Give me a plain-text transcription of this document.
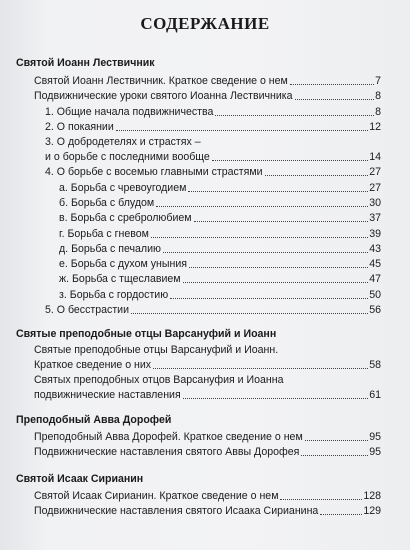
СОДЕРЖАНИЕ
Святой Иоанн Лествичник
Святой Иоанн Лествичник. Краткое сведение о нем	7
Подвижнические уроки святого Иоанна Лествичника	8
1. Общие начала подвижничества	8
2. О покаянии	12
3. О добродетелях и страстях –
и о борьбе с последними вообще	14
4. О борьбе с восемью главными страстями	27
а. Борьба с чревоугодием	27
б. Борьба с блудом	30
в. Борьба с сребролюбием	37
г. Борьба с гневом	39
д. Борьба с печалию	43
е. Борьба с духом уныния	45
ж. Борьба с тщеславием	47
з. Борьба с гордостию	50
5. О бесстрастии	56
Святые преподобные отцы Варсануфий и Иоанн
Святые преподобные отцы Варсануфий и Иоанн.
Краткое сведение о них	58
Святых преподобных отцов Варсануфия и Иоанна
подвижнические наставления	61
Преподобный Авва Дорофей
Преподобный Авва Дорофей. Краткое сведение о нем	95
Подвижнические наставления святого Аввы Дорофея	95
Святой Исаак Сирианин
Святой Исаак Сирианин. Краткое сведение о нем	128
Подвижнические наставления святого Исаака Сирианина	129
